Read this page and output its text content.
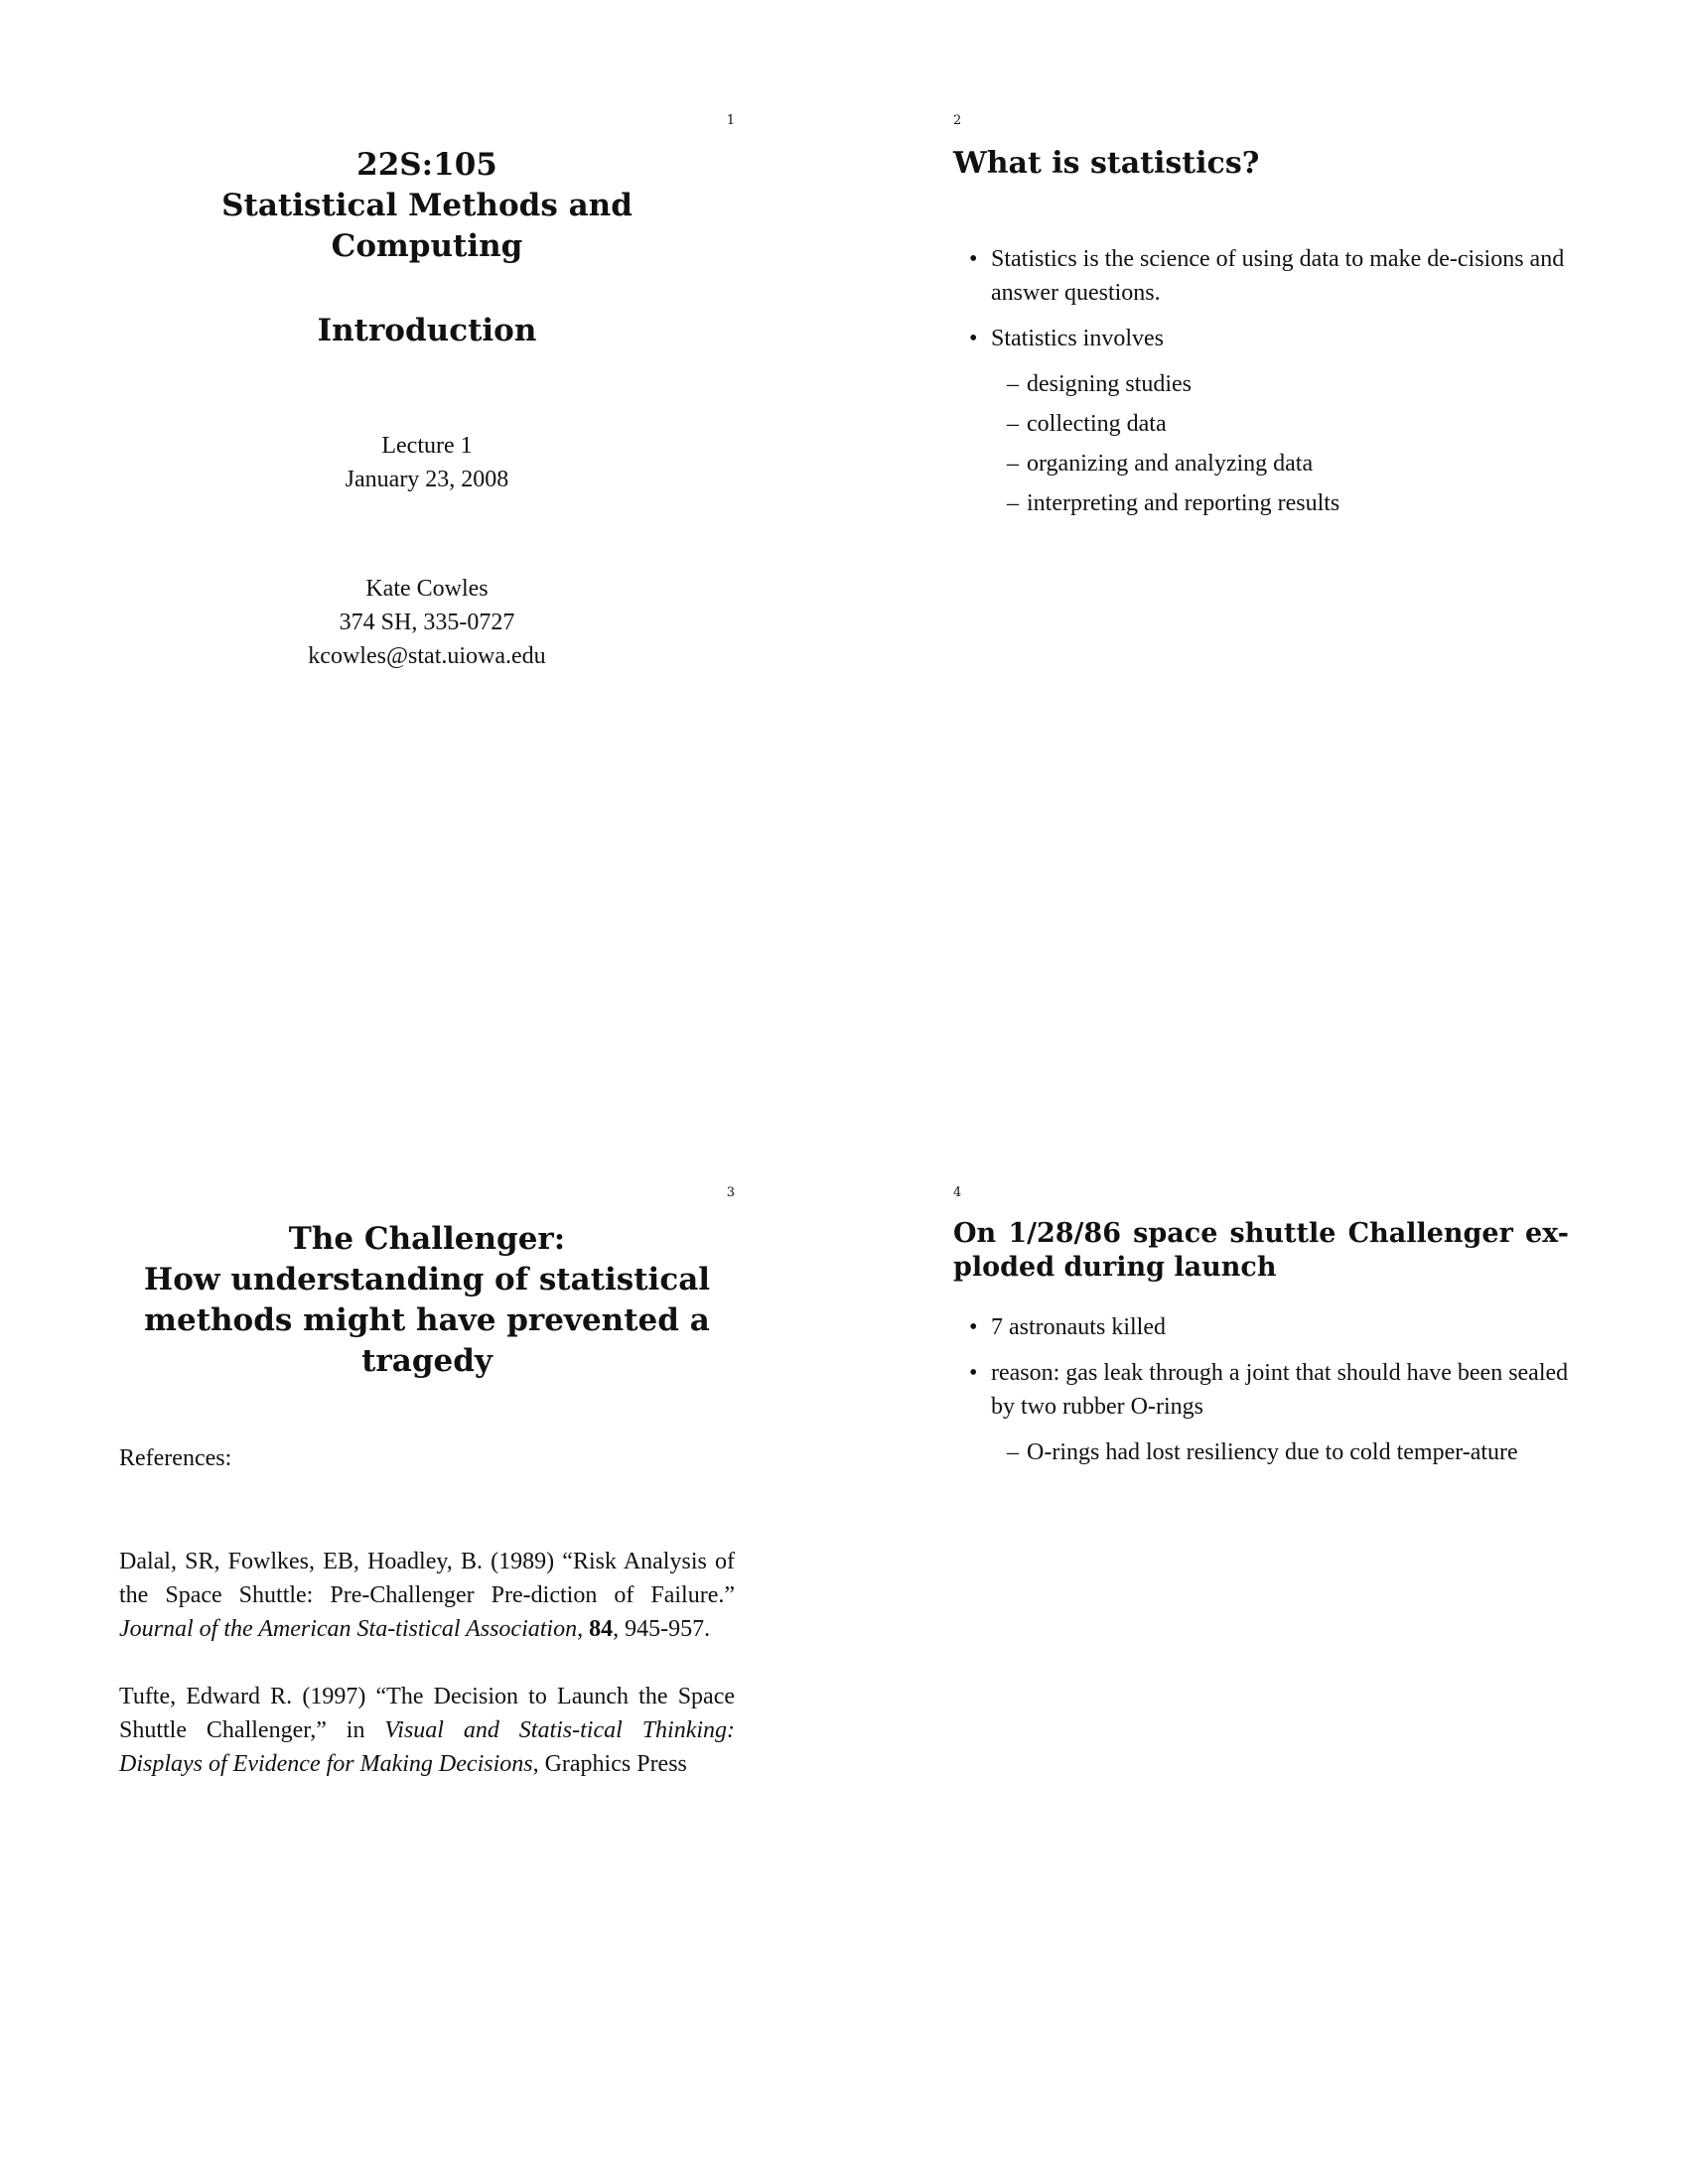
1

22S:105

Statistical Methods and

Computing

Introduction

Lecture 1

January 23, 2008

Kate Cowles

374 SH, 335-0727

kcowles@stat.uiowa.edu

2

What is statistics?

• Statistics is the science of using data to make de-cisions and answer questions.
• Statistics involves
– designing studies
– collecting data
– organizing and analyzing data
– interpreting and reporting results
3

The Challenger:

How understanding of statistical

methods might have prevented a

tragedy

References:

Dalal, SR, Fowlkes, EB, Hoadley, B. (1989) “Risk Analysis of the Space Shuttle: Pre-Challenger Pre-diction of Failure.” Journal of the American Sta-tistical Association, 84, 945-957.

Tufte, Edward R. (1997) “The Decision to Launch the Space Shuttle Challenger,” in Visual and Statis-tical Thinking: Displays of Evidence for Making Decisions, Graphics Press

4

On 1/28/86 space shuttle Challenger ex-ploded during launch

• 7 astronauts killed
• reason: gas leak through a joint that should have been sealed by two rubber O-rings
– O-rings had lost resiliency due to cold temper-ature
